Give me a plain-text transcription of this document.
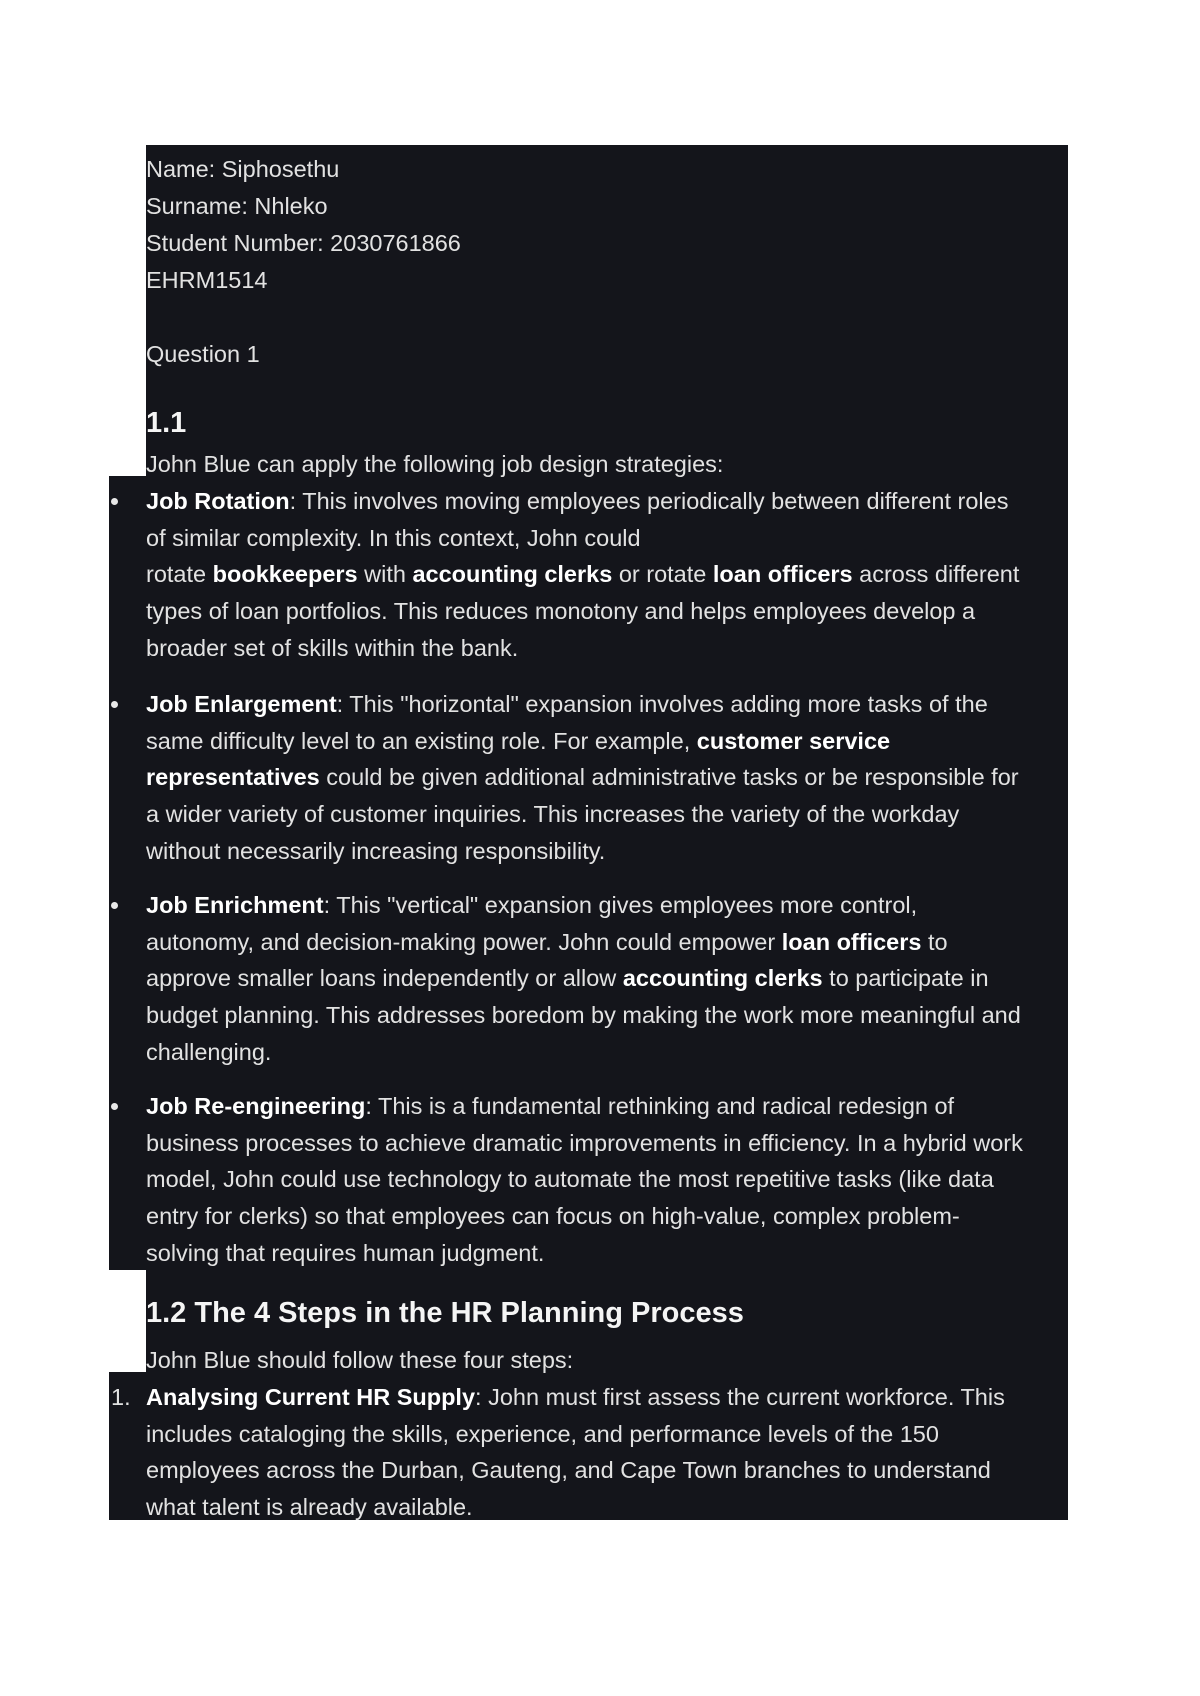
Name: Siphosethu
Surname: Nhleko
Student Number: 2030761866
EHRM1514
Question 1
1.1
John Blue can apply the following job design strategies:
Job Rotation: This involves moving employees periodically between different roles
of similar complexity. In this context, John could
rotate bookkeepers with accounting clerks or rotate loan officers across different
types of loan portfolios. This reduces monotony and helps employees develop a
broader set of skills within the bank.
Job Enlargement: This "horizontal" expansion involves adding more tasks of the
same difficulty level to an existing role. For example, customer service
representatives could be given additional administrative tasks or be responsible for
a wider variety of customer inquiries. This increases the variety of the workday
without necessarily increasing responsibility.
Job Enrichment: This "vertical" expansion gives employees more control,
autonomy, and decision-making power. John could empower loan officers to
approve smaller loans independently or allow accounting clerks to participate in
budget planning. This addresses boredom by making the work more meaningful and
challenging.
Job Re-engineering: This is a fundamental rethinking and radical redesign of
business processes to achieve dramatic improvements in efficiency. In a hybrid work
model, John could use technology to automate the most repetitive tasks (like data
entry for clerks) so that employees can focus on high-value, complex problem-
solving that requires human judgment.
1.2 The 4 Steps in the HR Planning Process
John Blue should follow these four steps:
1. Analysing Current HR Supply: John must first assess the current workforce. This
includes cataloging the skills, experience, and performance levels of the 150
employees across the Durban, Gauteng, and Cape Town branches to understand
what talent is already available.
